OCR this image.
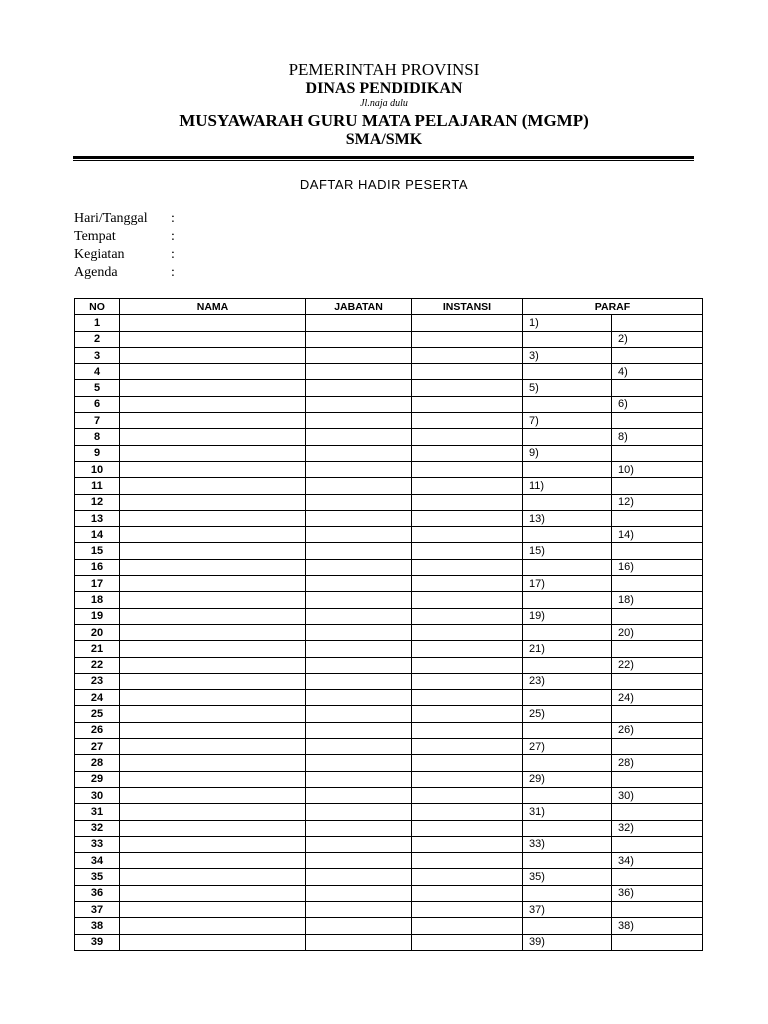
PEMERINTAH PROVINSI
DINAS PENDIDIKAN
Jl.naja dulu
MUSYAWARAH GURU MATA PELAJARAN (MGMP)
SMA/SMK
DAFTAR HADIR PESERTA
Hari/Tanggal	:
Tempat	:
Kegiatan	:
Agenda	:
NO	NAMA	JABATAN	INSTANSI	PARAF	
1				1)	
2					2)
3				3)	
4					4)
5				5)	
6					6)
7				7)	
8					8)
9				9)	
10					10)
11				11)	
12					12)
13				13)	
14					14)
15				15)	
16					16)
17				17)	
18					18)
19				19)	
20					20)
21				21)	
22					22)
23				23)	
24					24)
25				25)	
26					26)
27				27)	
28					28)
29				29)	
30					30)
31				31)	
32					32)
33				33)	
34					34)
35				35)	
36					36)
37				37)	
38					38)
39				39)	
